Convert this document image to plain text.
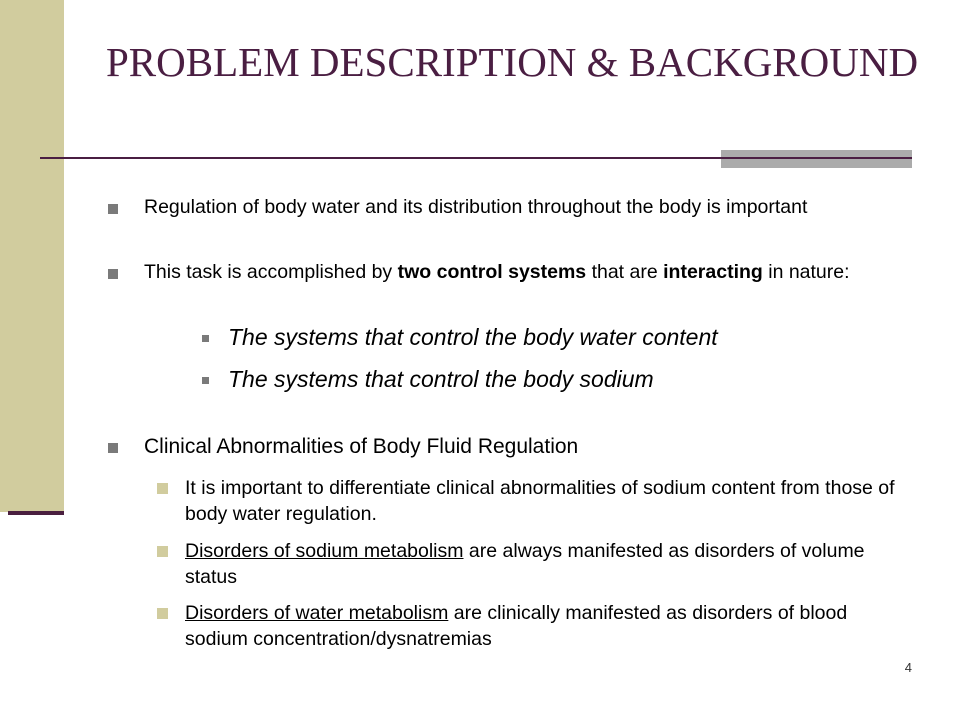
PROBLEM DESCRIPTION & BACKGROUND
Regulation of body water and its distribution throughout the body is important
This task is accomplished by two control systems that are interacting in nature:
The systems that control the body water content
The systems that control the body sodium
Clinical Abnormalities of Body Fluid Regulation
It is important to differentiate clinical abnormalities of sodium content from those of body water regulation.
Disorders of sodium metabolism are always manifested as disorders of volume status
Disorders of water metabolism are clinically manifested as disorders of blood sodium concentration/dysnatremias
4
